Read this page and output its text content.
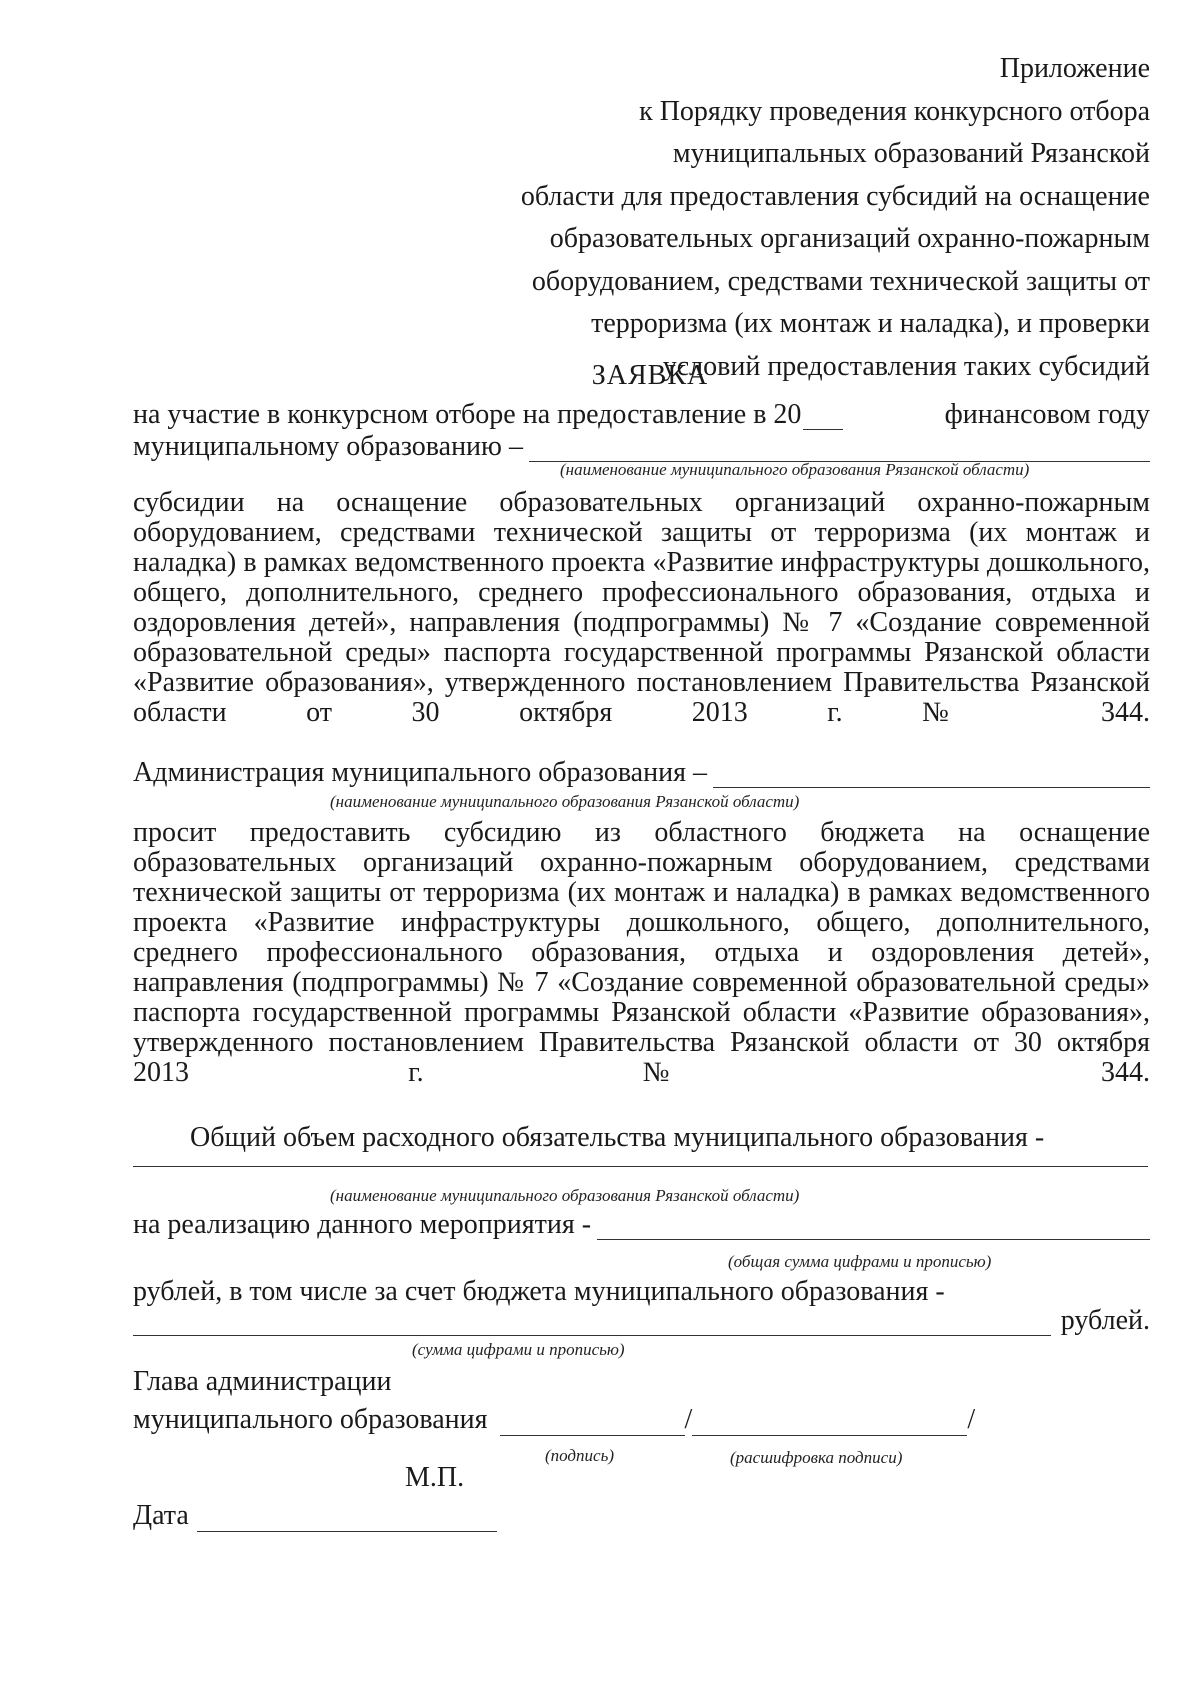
Приложение
к Порядку проведения конкурсного отбора
муниципальных образований Рязанской
области для предоставления субсидий на оснащение
образовательных организаций охранно-пожарным
оборудованием, средствами технической защиты от
терроризма (их монтаж и наладка), и проверки
условий предоставления таких субсидий
ЗАЯВКА
на участие в конкурсном отборе на предоставление в 20	финансовом году
муниципальному образованию –
(наименование муниципального образования Рязанской области)
субсидии на оснащение образовательных организаций охранно-пожарным оборудованием, средствами технической защиты от терроризма (их монтаж и наладка) в рамках ведомственного проекта «Развитие инфраструктуры дошкольного, общего, дополнительного, среднего профессионального образования, отдыха и оздоровления детей», направления (подпрограммы) № 7 «Создание современной образовательной среды» паспорта государственной программы Рязанской области «Развитие образования», утвержденного постановлением Правительства Рязанской области от 30 октября 2013 г. № 344.
Администрация муниципального образования –
(наименование муниципального образования Рязанской области)
просит предоставить субсидию из областного бюджета на оснащение образовательных организаций охранно-пожарным оборудованием, средствами технической защиты от терроризма (их монтаж и наладка) в рамках ведомственного проекта «Развитие инфраструктуры дошкольного, общего, дополнительного, среднего профессионального образования, отдыха и оздоровления детей», направления (подпрограммы) № 7 «Создание современной образовательной среды» паспорта государственной программы Рязанской области «Развитие образования», утвержденного постановлением Правительства Рязанской области от 30 октября 2013 г. № 344.
Общий объем расходного обязательства муниципального образования -
(наименование муниципального образования Рязанской области)
на реализацию данного мероприятия -
(общая сумма цифрами и прописью)
рублей, в том числе за счет бюджета муниципального образования -
рублей.
(сумма цифрами и прописью)
Глава администрации
муниципального образования	/	/
(подпись)	(расшифровка подписи)
М.П.
Дата
